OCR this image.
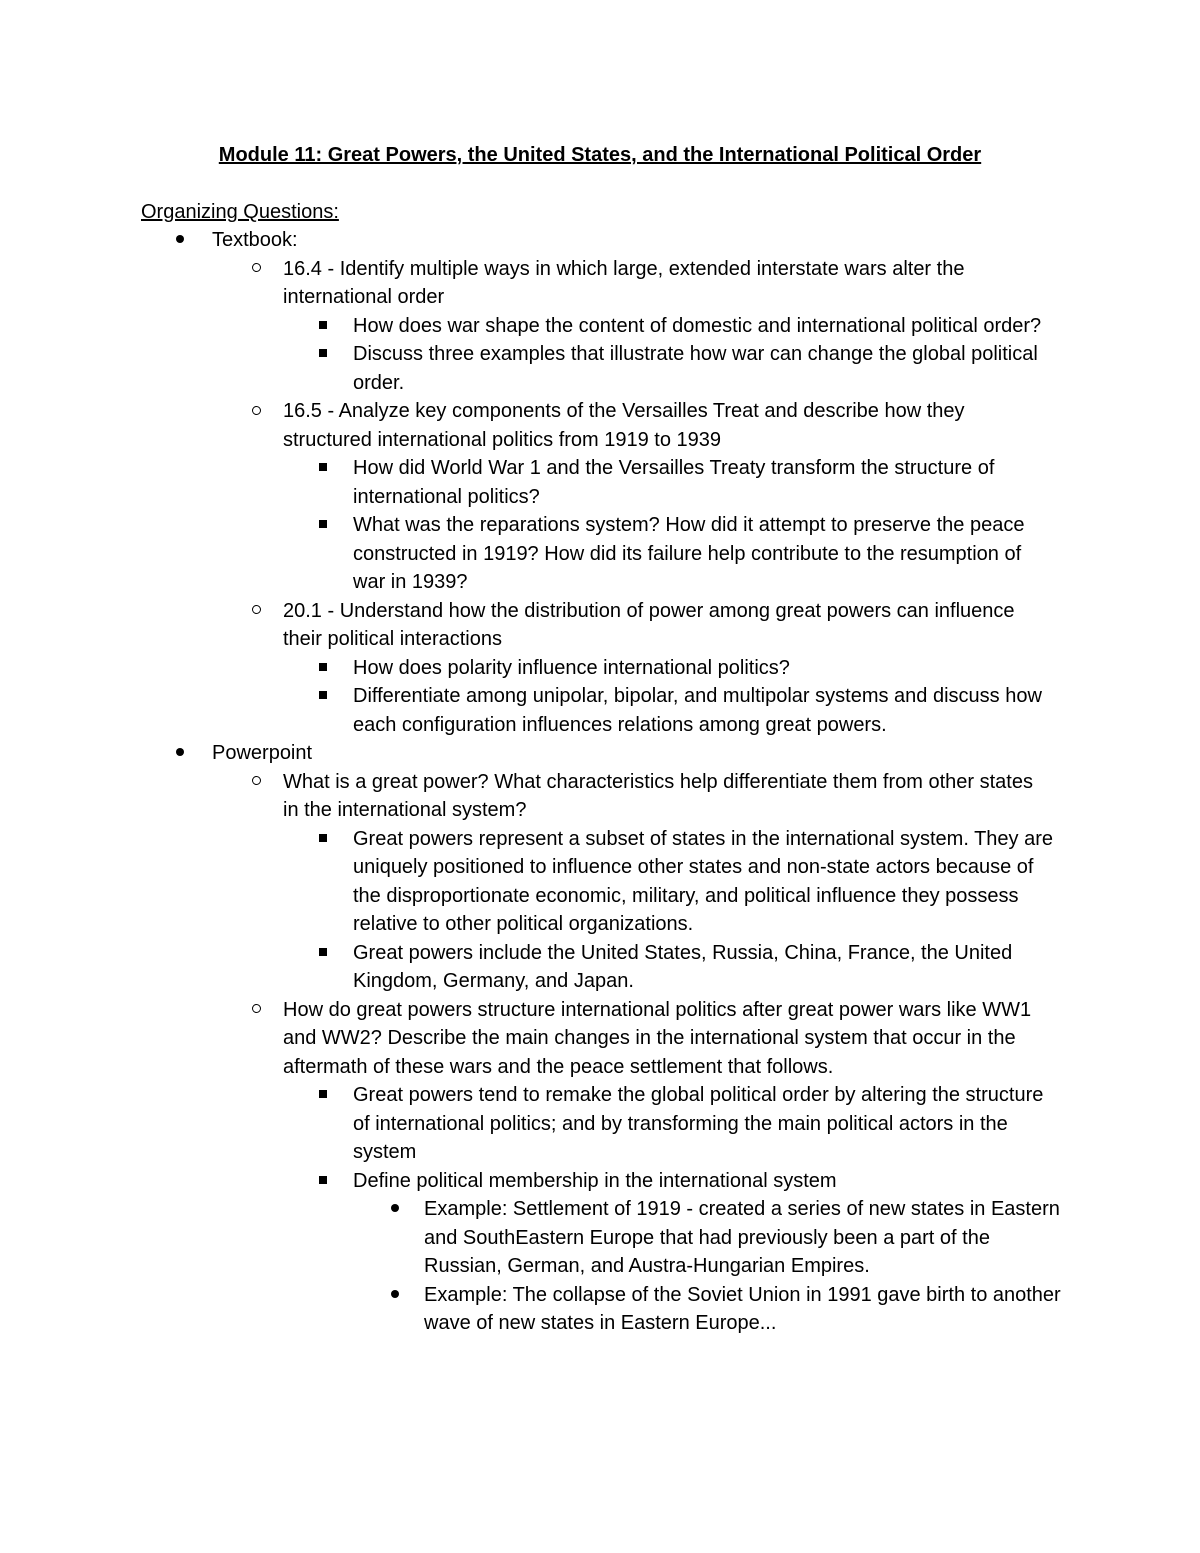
Module 11: Great Powers, the United States, and the International Political Order
Organizing Questions:
Textbook:
16.4 - Identify multiple ways in which large, extended interstate wars alter the international order
How does war shape the content of domestic and international political order?
Discuss three examples that illustrate how war can change the global political order.
16.5 - Analyze key components of the Versailles Treat and describe how they structured international politics from 1919 to 1939
How did World War 1 and the Versailles Treaty transform the structure of international politics?
What was the reparations system? How did it attempt to preserve the peace constructed in 1919? How did its failure help contribute to the resumption of war in 1939?
20.1 - Understand how the distribution of power among great powers can influence their political interactions
How does polarity influence international politics?
Differentiate among unipolar, bipolar, and multipolar systems and discuss how each configuration influences relations among great powers.
Powerpoint
What is a great power? What characteristics help differentiate them from other states in the international system?
Great powers represent a subset of states in the international system. They are uniquely positioned to influence other states and non-state actors because of the disproportionate economic, military, and political influence they possess relative to other political organizations.
Great powers include the United States, Russia, China, France, the United Kingdom, Germany, and Japan.
How do great powers structure international politics after great power wars like WW1 and WW2? Describe the main changes in the international system that occur in the aftermath of these wars and the peace settlement that follows.
Great powers tend to remake the global political order by altering the structure of international politics; and by transforming the main political actors in the system
Define political membership in the international system
Example: Settlement of 1919 - created a series of new states in Eastern and SouthEastern Europe that had previously been a part of the Russian, German, and Austra-Hungarian Empires.
Example: The collapse of the Soviet Union in 1991 gave birth to another wave of new states in Eastern Europe...
